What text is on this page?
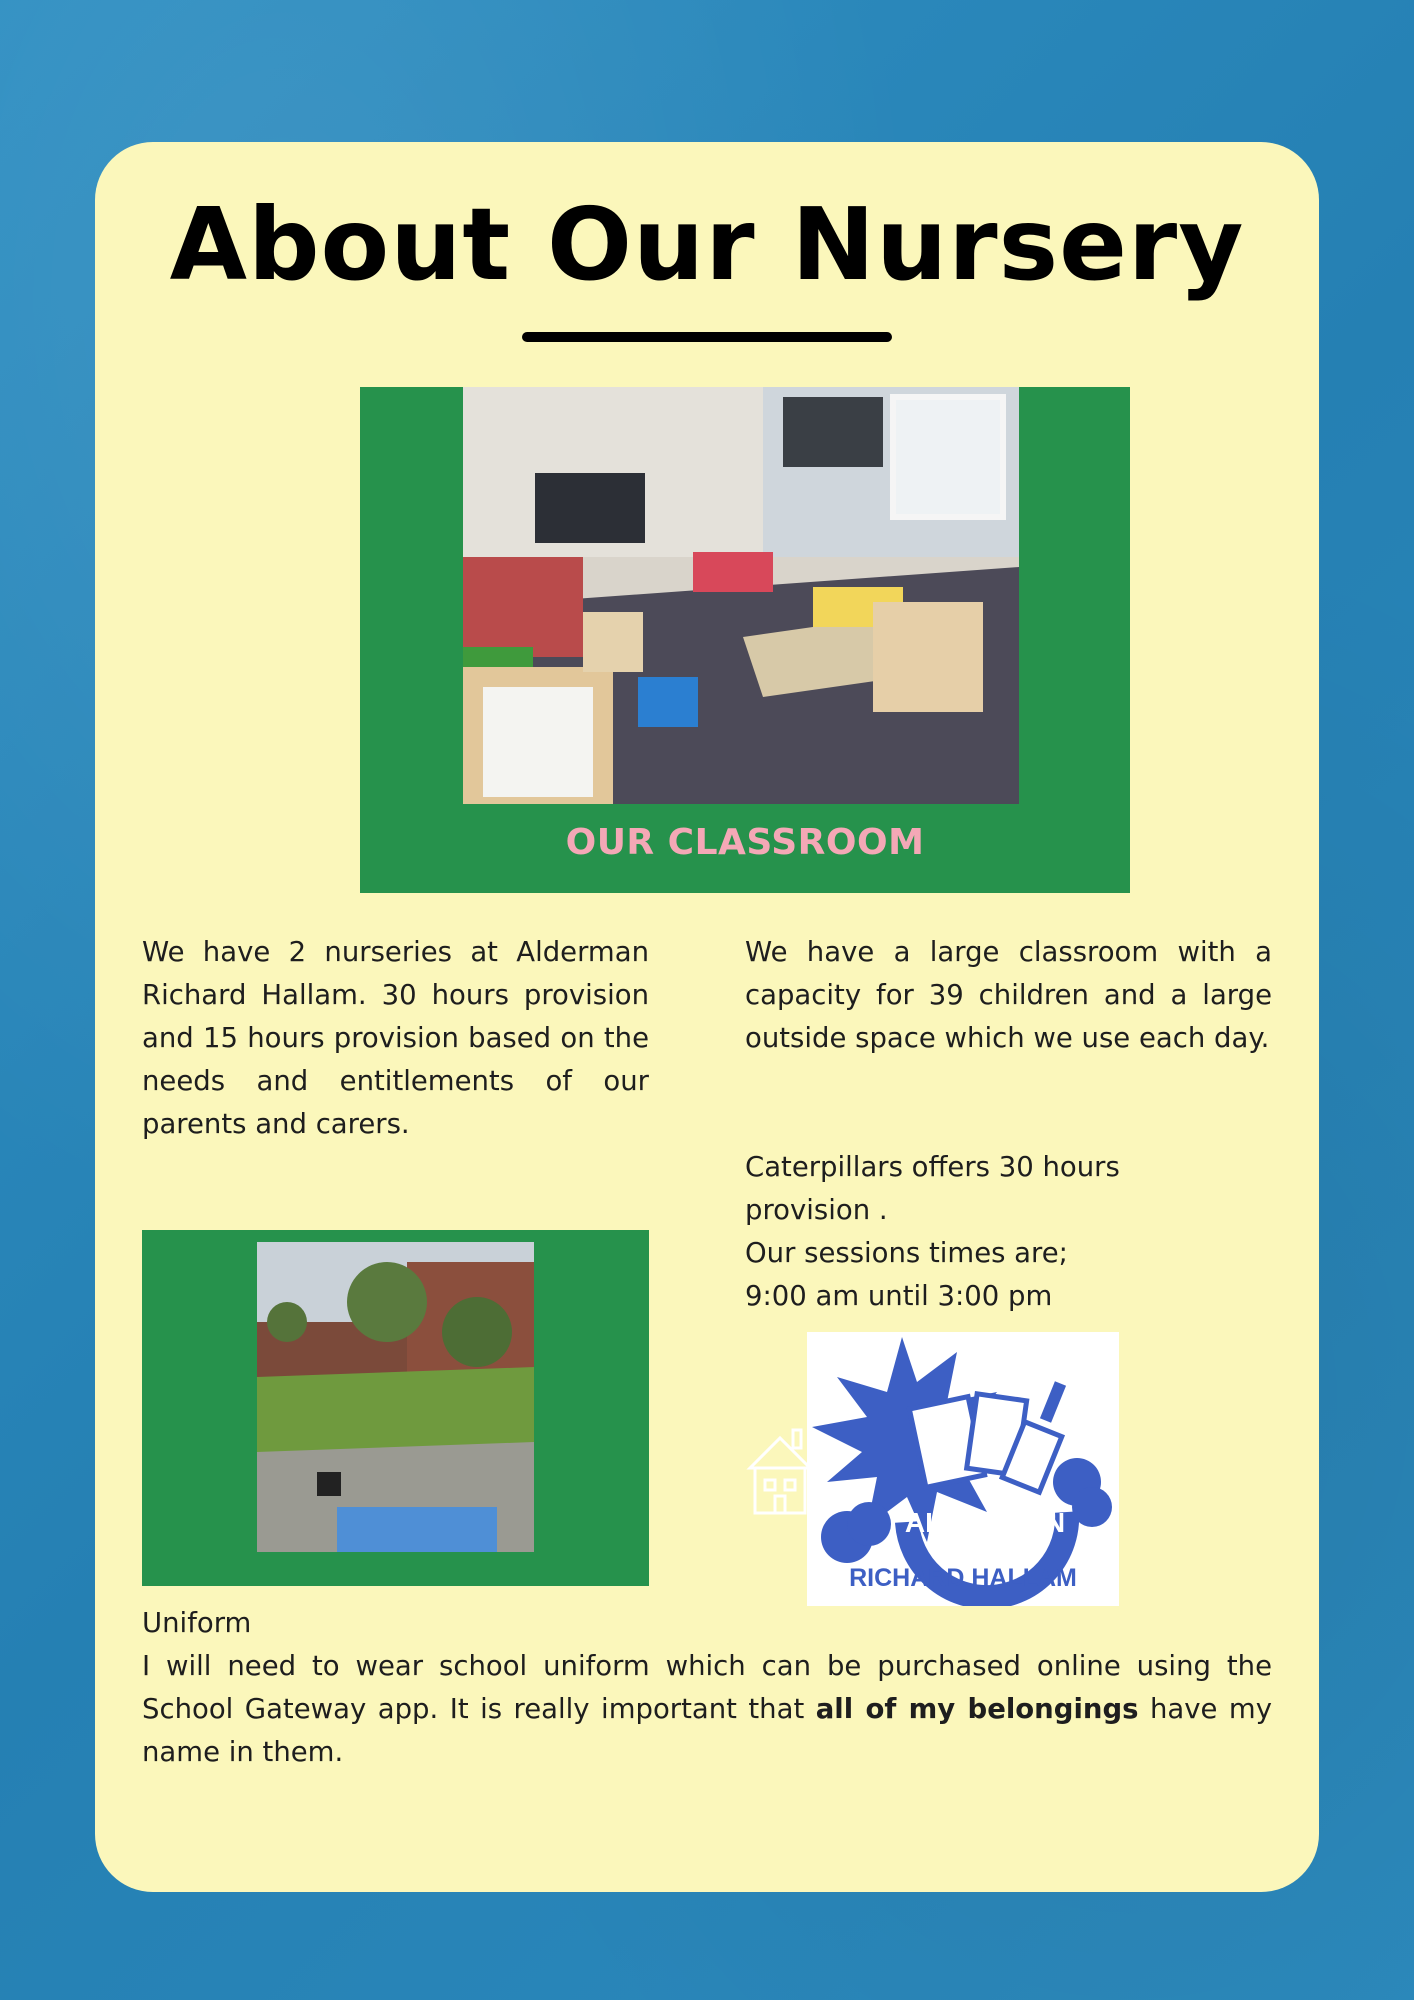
About Our Nursery
OUR CLASSROOM

We have 2 nurseries at Alderman Richard Hallam. 30 hours provision and 15 hours provision based on the needs and entitlements of our parents and carers.

We have a large classroom with a capacity for 39 children and a large outside space which we use each day.

Caterpillars offers 30 hours
provision .
Our sessions times are;
9:00 am until 3:00 pm
ALDERMAN
RICHARD HALLAM
Uniform

I will need to wear school uniform which can be purchased online using the School Gateway app. It is really important that all of my belongings have my name in them.
